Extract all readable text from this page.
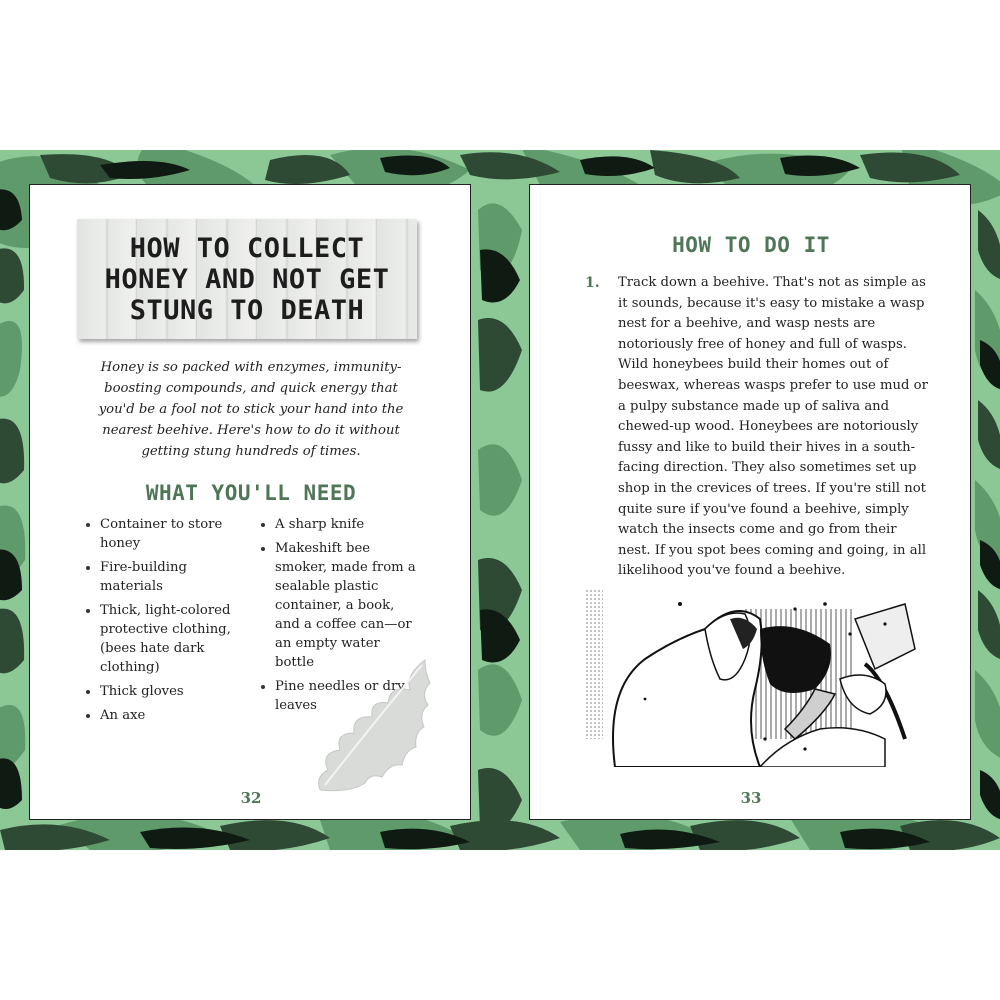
HOW TO COLLECT
HONEY AND NOT GET
STUNG TO DEATH
Honey is so packed with enzymes, immunity-boosting compounds, and quick energy that you'd be a fool not to stick your hand into the nearest beehive. Here's how to do it without getting stung hundreds of times.
WHAT YOU'LL NEED
Container to store honey
Fire-building materials
Thick, light-colored protective clothing, (bees hate dark clothing)
Thick gloves
An axe
A sharp knife
Makeshift bee smoker, made from a sealable plastic container, a book, and a coffee can—or an empty water bottle
Pine needles or dry leaves
32
HOW TO DO IT
1. Track down a beehive. That's not as simple as it sounds, because it's easy to mistake a wasp nest for a beehive, and wasp nests are notoriously free of honey and full of wasps. Wild honeybees build their homes out of beeswax, whereas wasps prefer to use mud or a pulpy substance made up of saliva and chewed-up wood. Honeybees are notoriously fussy and like to build their hives in a south-facing direction. They also sometimes set up shop in the crevices of trees. If you're still not quite sure if you've found a beehive, simply watch the insects come and go from their nest. If you spot bees coming and going, in all likelihood you've found a beehive.
33
